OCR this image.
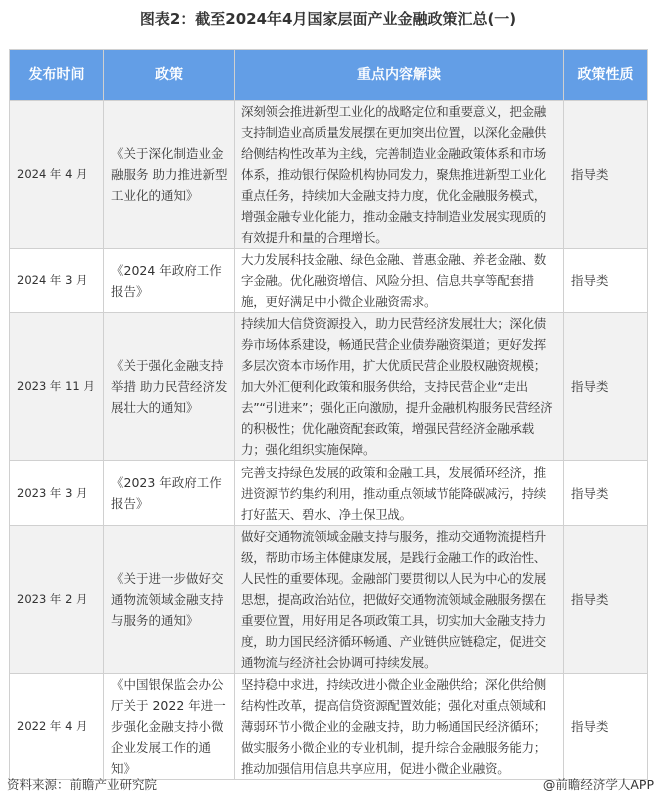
图表2：截至2024年4月国家层面产业金融政策汇总(一)
发布时间	政策	重点内容解读	政策性质
2024 年 4 月	《关于深化制造业金融服务 助力推进新型工业化的通知》	深刻领会推进新型工业化的战略定位和重要意义，把金融支持制造业高质量发展摆在更加突出位置，以深化金融供给侧结构性改革为主线，完善制造业金融政策体系和市场体系，推动银行保险机构协同发力，聚焦推进新型工业化重点任务，持续加大金融支持力度，优化金融服务模式，增强金融专业化能力，推动金融支持制造业发展实现质的有效提升和量的合理增长。	指导类
2024 年 3 月	《2024 年政府工作报告》	大力发展科技金融、绿色金融、普惠金融、养老金融、数字金融。优化融资增信、风险分担、信息共享等配套措施，更好满足中小微企业融资需求。	指导类
2023 年 11 月	《关于强化金融支持举措 助力民营经济发展壮大的通知》	持续加大信贷资源投入，助力民营经济发展壮大；深化债券市场体系建设，畅通民营企业债券融资渠道；更好发挥多层次资本市场作用，扩大优质民营企业股权融资规模；加大外汇便利化政策和服务供给，支持民营企业“走出去”“引进来”；强化正向激励，提升金融机构服务民营经济的积极性；优化融资配套政策，增强民营经济金融承载力；强化组织实施保障。	指导类
2023 年 3 月	《2023 年政府工作报告》	完善支持绿色发展的政策和金融工具，发展循环经济，推进资源节约集约利用，推动重点领域节能降碳减污，持续打好蓝天、碧水、净土保卫战。	指导类
2023 年 2 月	《关于进一步做好交通物流领域金融支持与服务的通知》	做好交通物流领域金融支持与服务，推动交通物流提档升级，帮助市场主体健康发展，是践行金融工作的政治性、人民性的重要体现。金融部门要贯彻以人民为中心的发展思想，提高政治站位，把做好交通物流领域金融服务摆在重要位置，用好用足各项政策工具，切实加大金融支持力度，助力国民经济循环畅通、产业链供应链稳定，促进交通物流与经济社会协调可持续发展。	指导类
2022 年 4 月	《中国银保监会办公厅关于 2022 年进一步强化金融支持小微企业发展工作的通知》	坚持稳中求进，持续改进小微企业金融供给；深化供给侧结构性改革，提高信贷资源配置效能；强化对重点领域和薄弱环节小微企业的金融支持，助力畅通国民经济循环；做实服务小微企业的专业机制，提升综合金融服务能力；推动加强信用信息共享应用，促进小微企业融资。	指导类
资料来源：前瞻产业研究院	@前瞻经济学人APP
